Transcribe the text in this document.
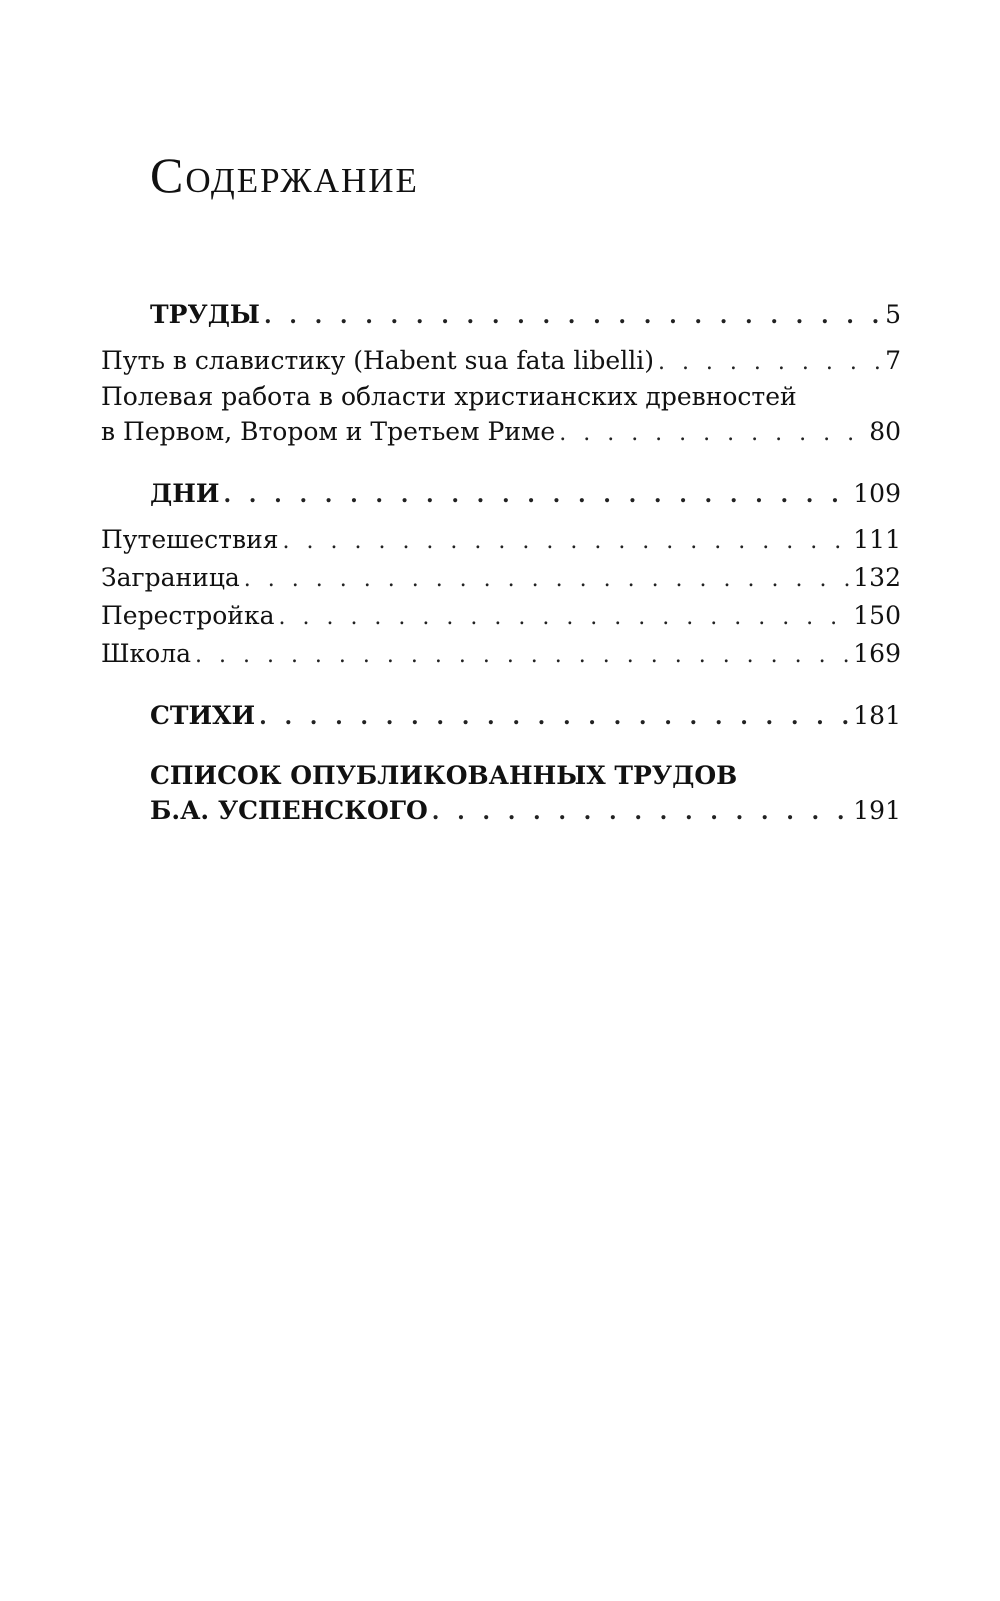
Содержание
ТРУДЫ . . .	5
Путь в славистику (Habent sua fata libelli) . . .	7
Полевая работа в области христианских древностей
в Первом, Втором и Третьем Риме . . .	80
ДНИ . . .	109
Путешествия . . .	111
Заграница . . .	132
Перестройка . . .	150
Школа . . .	169
СТИХИ . . .	181
СПИСОК ОПУБЛИКОВАННЫХ ТРУДОВ
Б.А. УСПЕНСКОГО . . .	191
